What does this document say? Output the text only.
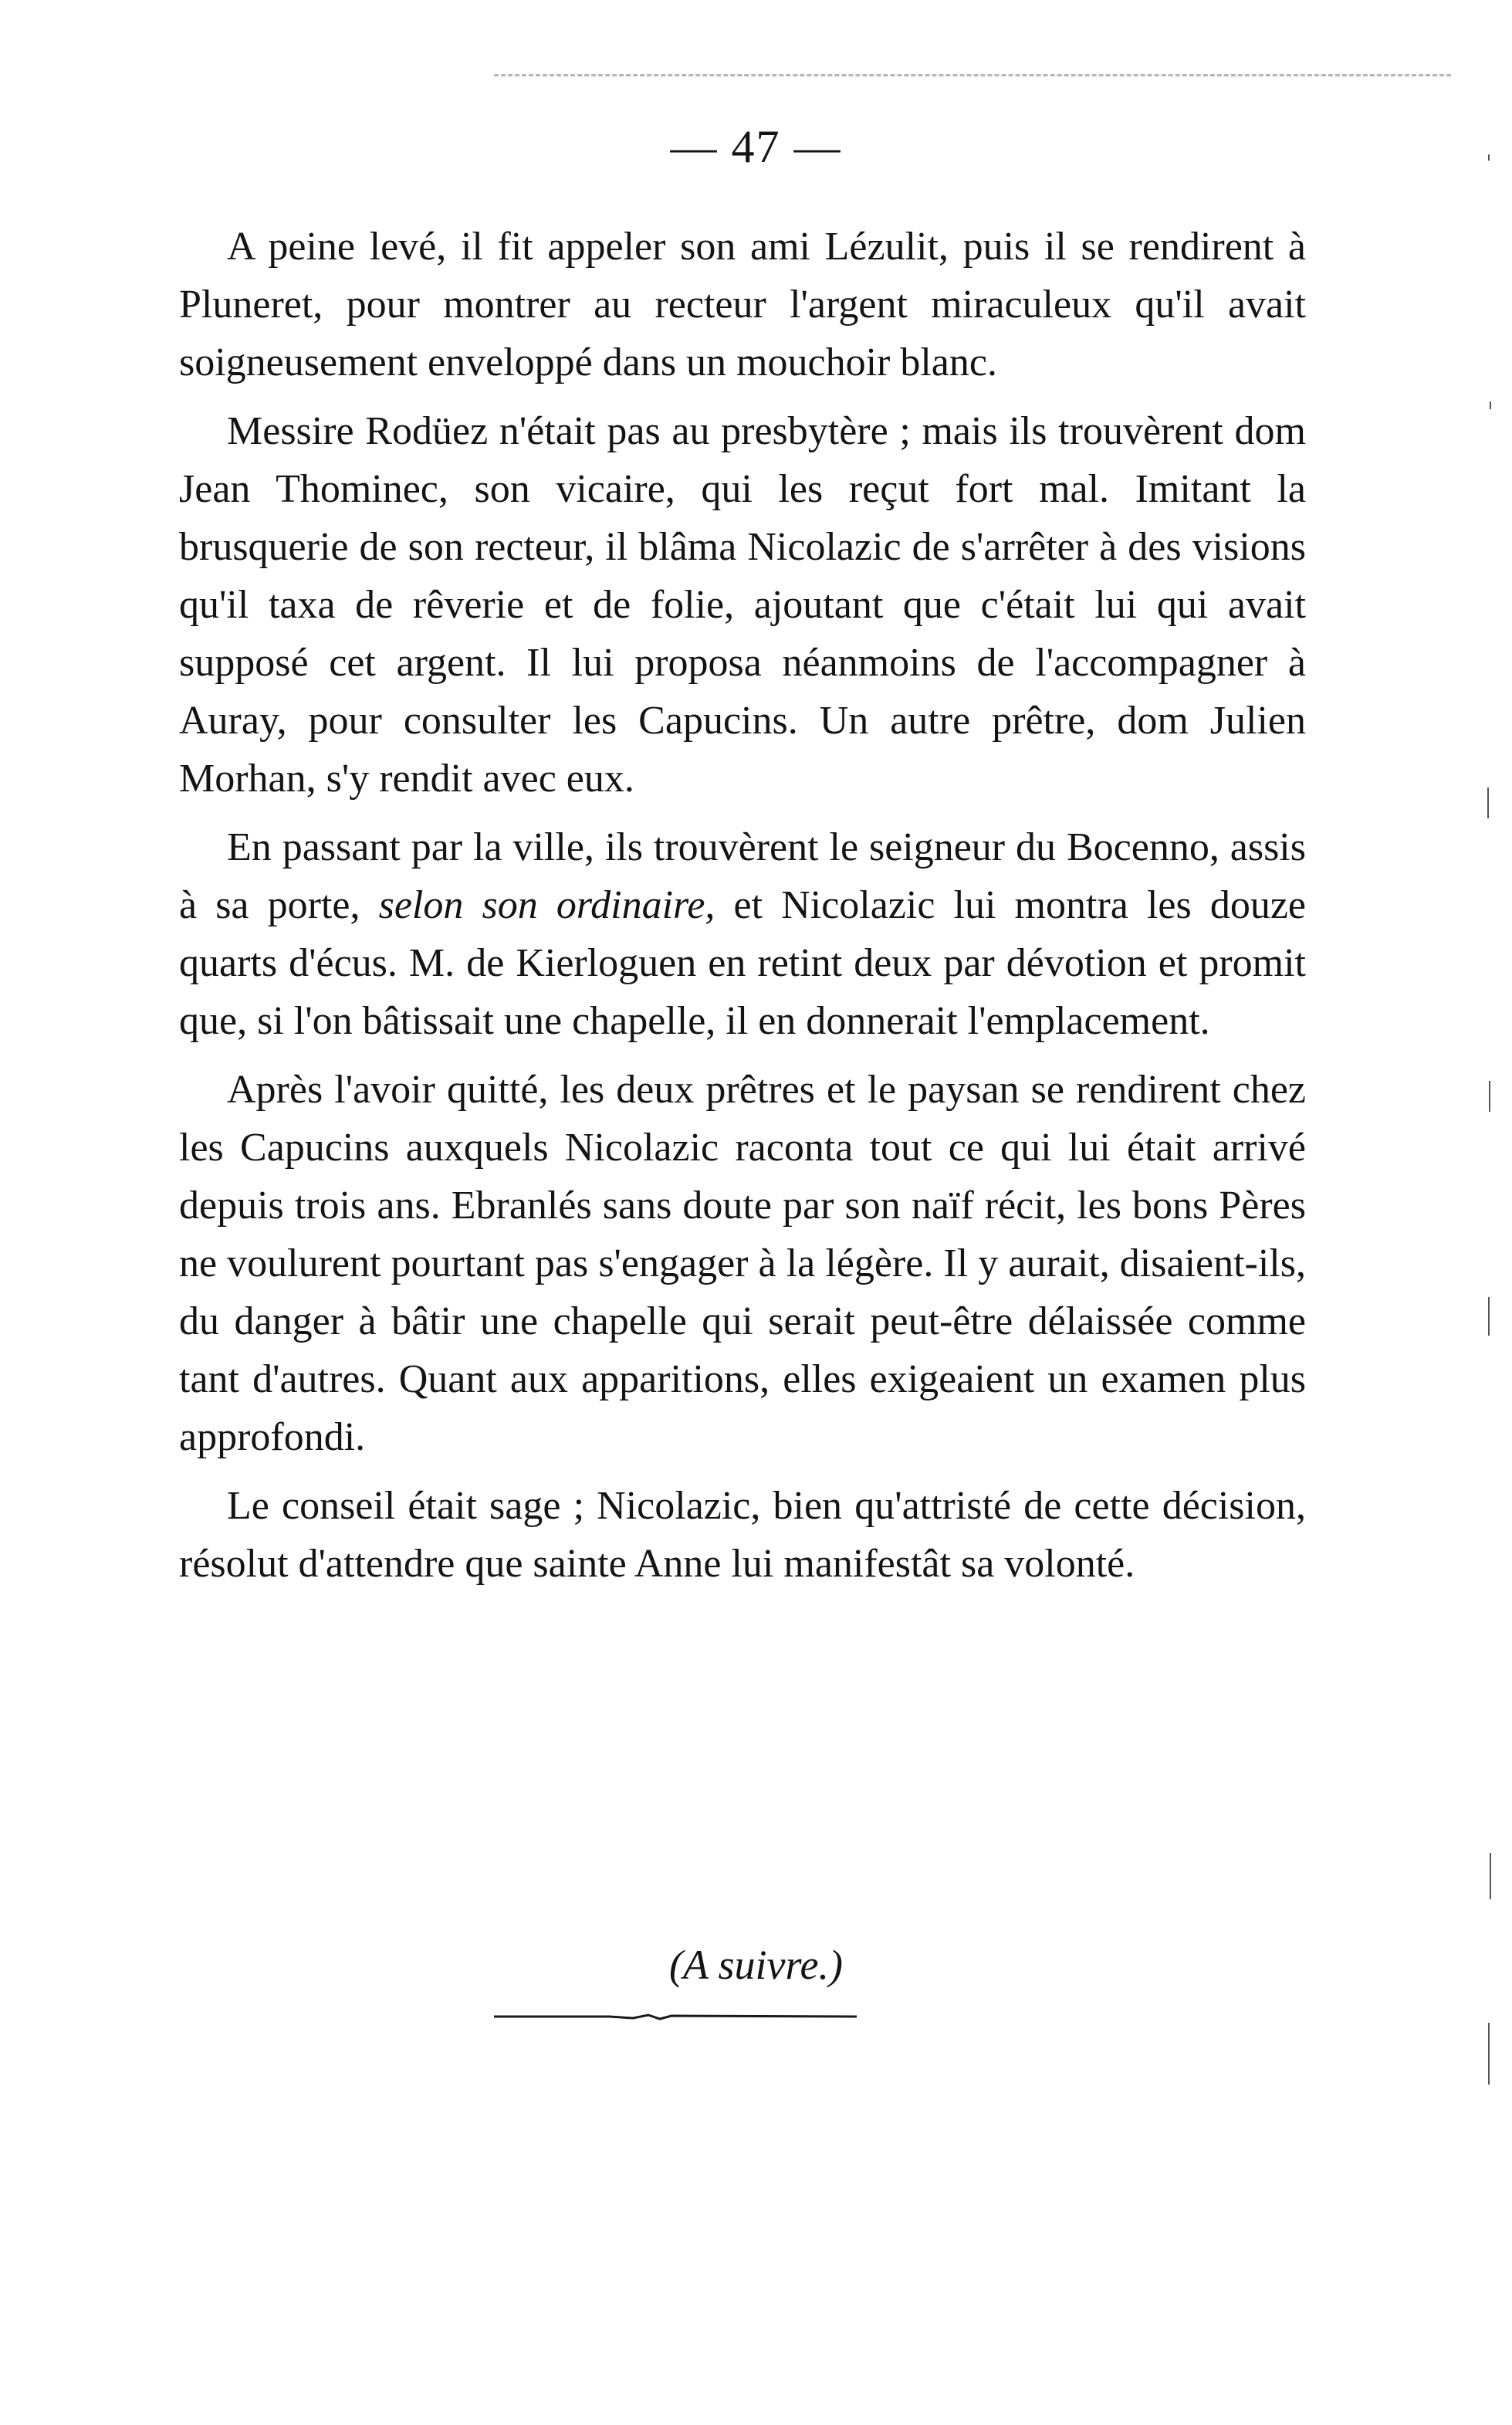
— 47 —

A peine levé, il fit appeler son ami Lézulit, puis il se rendirent à Pluneret, pour montrer au recteur l'argent miraculeux qu'il avait soigneusement enveloppé dans un mouchoir blanc.

Messire Rodüez n'était pas au presbytère ; mais ils trouvèrent dom Jean Thominec, son vicaire, qui les reçut fort mal. Imitant la brusquerie de son recteur, il blâma Nicolazic de s'arrêter à des visions qu'il taxa de rêverie et de folie, ajoutant que c'était lui qui avait supposé cet argent. Il lui proposa néanmoins de l'accompagner à Auray, pour consulter les Capucins. Un autre prêtre, dom Julien Morhan, s'y rendit avec eux.

En passant par la ville, ils trouvèrent le seigneur du Bocenno, assis à sa porte, selon son ordinaire, et Nicolazic lui montra les douze quarts d'écus. M. de Kierloguen en retint deux par dévotion et promit que, si l'on bâtissait une chapelle, il en donnerait l'emplacement.

Après l'avoir quitté, les deux prêtres et le paysan se rendirent chez les Capucins auxquels Nicolazic raconta tout ce qui lui était arrivé depuis trois ans. Ebranlés sans doute par son naïf récit, les bons Pères ne voulurent pourtant pas s'engager à la légère. Il y aurait, disaient-ils, du danger à bâtir une chapelle qui serait peut-être délaissée comme tant d'autres. Quant aux apparitions, elles exigeaient un examen plus approfondi.

Le conseil était sage ; Nicolazic, bien qu'attristé de cette décision, résolut d'attendre que sainte Anne lui manifestât sa volonté.

(A suivre.)
